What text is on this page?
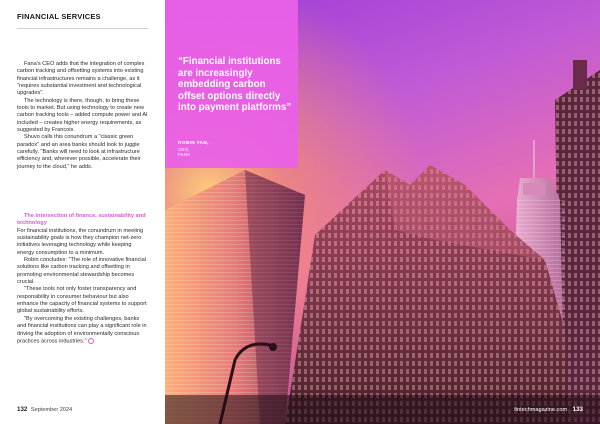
FINANCIAL SERVICES

Fana's CEO adds that the integration of complex carbon tracking and offsetting systems into existing financial infrastructures remains a challenge, as it "requires substantial investment and technological upgrades".

The technology is there, though, to bring these tools to market. But using technology to create new carbon tracking tools – added compute power and AI included – creates higher energy requirements, as suggested by Francois.

Shuvo calls this conundrum a "classic green paradox" and an area banks should look to juggle carefully. "Banks will need to look at infrastructure efficiency and, wherever possible, accelerate their journey to the cloud," he adds.

The intersection of finance, sustainability and technology

For financial institutions, the conundrum in meeting sustainability goals is how they champion net-zero initiatives leveraging technology while keeping energy consumption to a minimum.

Robin concludes: "The role of innovative financial solutions like carbon tracking and offsetting in promoting environmental stewardship becomes crucial.

"These tools not only foster transparency and responsibility in consumer behaviour but also enhance the capacity of financial systems to support global sustainability efforts.

"By overcoming the existing challenges, banks and financial institutions can play a significant role in driving the adoption of environmentally conscious practices across industries."

132 September 2024

“Financial institutions are increasingly embedding carbon offset options directly into payment platforms”

ROBIN YAN,
CEO,
FANA
fintechmagazine.com 133
